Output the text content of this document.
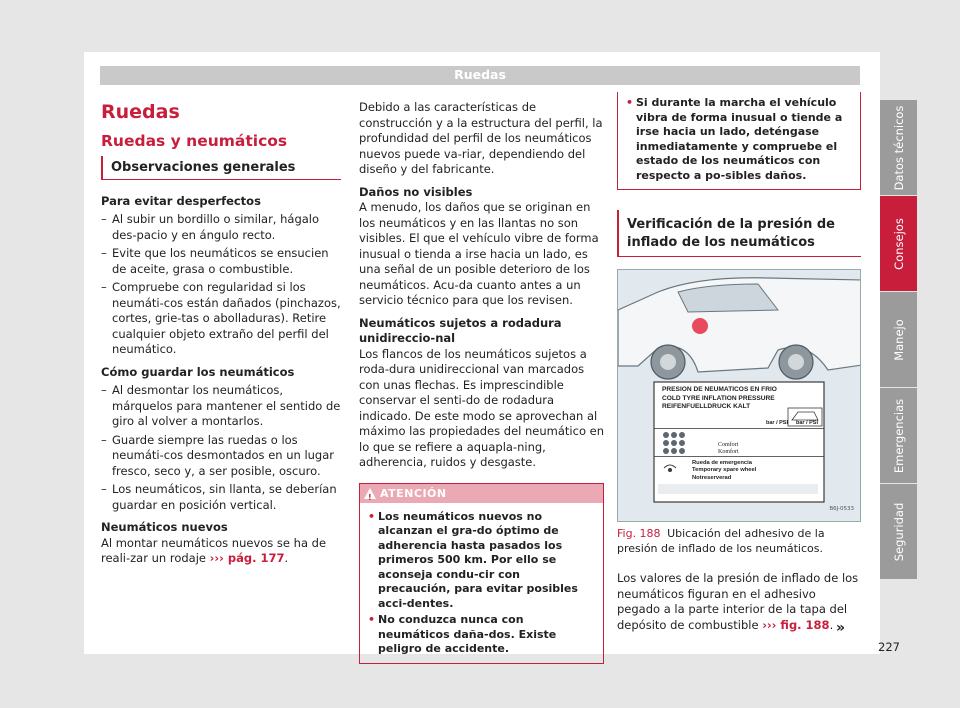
Ruedas
Ruedas
Ruedas y neumáticos
Observaciones generales
Para evitar desperfectos
– Al subir un bordillo o similar, hágalo des-pacio y en ángulo recto.
– Evite que los neumáticos se ensucien de aceite, grasa o combustible.
– Compruebe con regularidad si los neumáti-cos están dañados (pinchazos, cortes, grie-tas o abolladuras). Retire cualquier objeto extraño del perfil del neumático.
Cómo guardar los neumáticos
– Al desmontar los neumáticos, márquelos para mantener el sentido de giro al volver a montarlos.
– Guarde siempre las ruedas o los neumáti-cos desmontados en un lugar fresco, seco y, a ser posible, oscuro.
– Los neumáticos, sin llanta, se deberían guardar en posición vertical.
Neumáticos nuevos
Al montar neumáticos nuevos se ha de reali-zar un rodaje ››› pág. 177.
Debido a las características de construcción y a la estructura del perfil, la profundidad del perfil de los neumáticos nuevos puede va-riar, dependiendo del diseño y del fabricante.
Daños no visibles
A menudo, los daños que se originan en los neumáticos y en las llantas no son visibles. El que el vehículo vibre de forma inusual o tienda a irse hacia un lado, es una señal de un posible deterioro de los neumáticos. Acu-da cuanto antes a un servicio técnico para que los revisen.
Neumáticos sujetos a rodadura unidireccio-nal
Los flancos de los neumáticos sujetos a roda-dura unidireccional van marcados con unas flechas. Es imprescindible conservar el senti-do de rodadura indicado. De este modo se aprovechan al máximo las propiedades del neumático en lo que se refiere a aquapla-ning, adherencia, ruidos y desgaste.
! ATENCIÓN
• Los neumáticos nuevos no alcanzan el gra-do óptimo de adherencia hasta pasados los primeros 500 km. Por ello se aconseja condu-cir con precaución, para evitar posibles acci-dentes.
• No conduzca nunca con neumáticos daña-dos. Existe peligro de accidente.
• Si durante la marcha el vehículo vibra de forma inusual o tiende a irse hacia un lado, deténgase inmediatamente y compruebe el estado de los neumáticos con respecto a po-sibles daños.
Verificación de la presión de inflado de los neumáticos
PRESION DE NEUMATICOS EN FRIO
COLD TYRE INFLATION PRESSURE
REIFENFUELLDRUCK KALT
bar / PSI bar / PSI
Comfort
Komfort
Rueda de emergencia
Temporary spare wheel
Notreserverad
B6J-0533
Fig. 188 Ubicación del adhesivo de la presión de inflado de los neumáticos.
Los valores de la presión de inflado de los neumáticos figuran en el adhesivo pegado a la parte interior de la tapa del depósito de combustible ››› fig. 188. »
Datos técnicos
Consejos
Manejo
Emergencias
Seguridad
227
